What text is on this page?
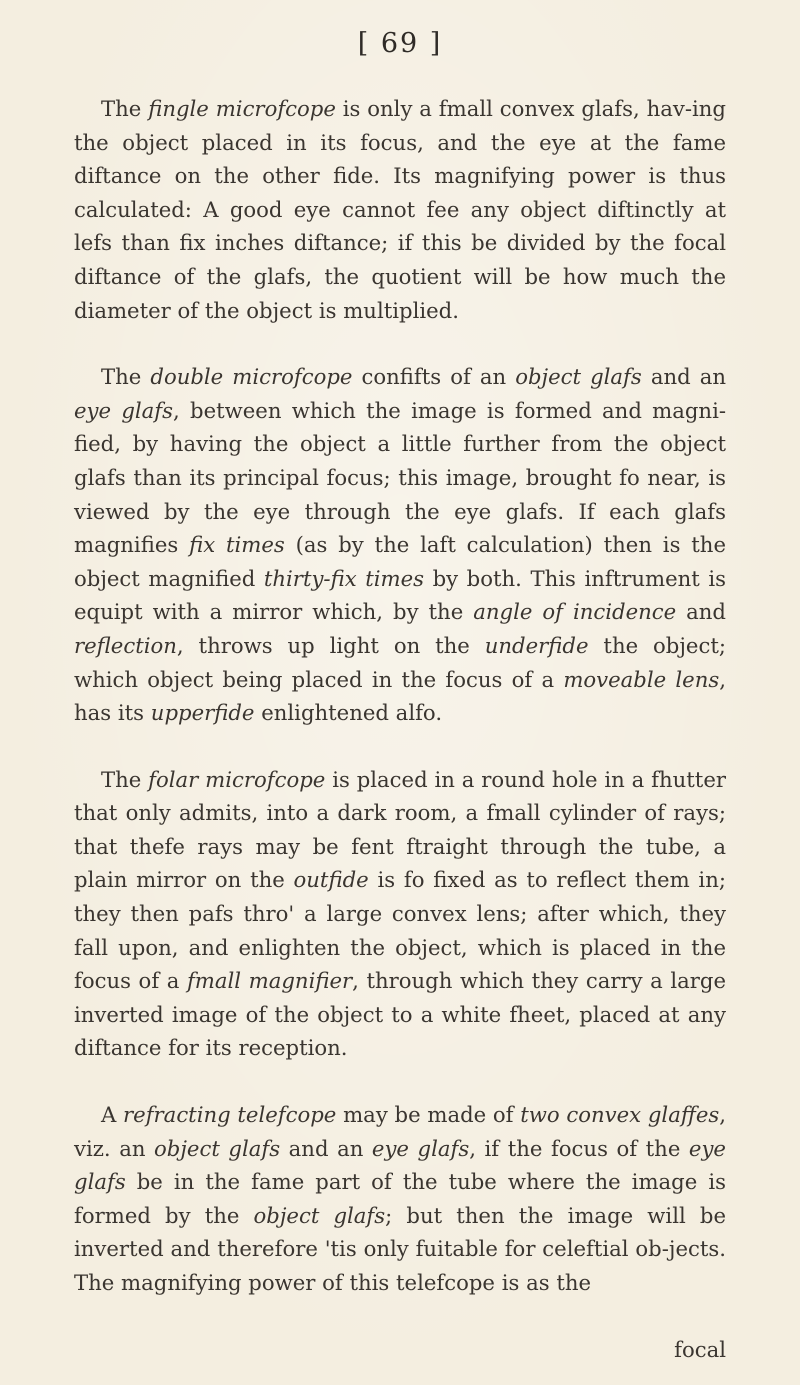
[ 69 ]

The fingle microfcope is only a fmall convex glafs, hav-ing the object placed in its focus, and the eye at the fame diftance on the other fide. Its magnifying power is thus calculated: A good eye cannot fee any object diftinctly at lefs than fix inches diftance; if this be divided by the focal diftance of the glafs, the quotient will be how much the diameter of the object is multiplied.

The double microfcope confifts of an object glafs and an eye glafs, between which the image is formed and magni-fied, by having the object a little further from the object glafs than its principal focus; this image, brought fo near, is viewed by the eye through the eye glafs. If each glafs magnifies fix times (as by the laft calculation) then is the object magnified thirty-fix times by both. This inftrument is equipt with a mirror which, by the angle of incidence and reflection, throws up light on the underfide the object; which object being placed in the focus of a moveable lens, has its upperfide enlightened alfo.

The folar microfcope is placed in a round hole in a fhutter that only admits, into a dark room, a fmall cylinder of rays; that thefe rays may be fent ftraight through the tube, a plain mirror on the outfide is fo fixed as to reflect them in; they then pafs thro' a large convex lens; after which, they fall upon, and enlighten the object, which is placed in the focus of a fmall magnifier, through which they carry a large inverted image of the object to a white fheet, placed at any diftance for its reception.

A refracting telefcope may be made of two convex glaffes, viz. an object glafs and an eye glafs, if the focus of the eye glafs be in the fame part of the tube where the image is formed by the object glafs; but then the image will be inverted and therefore 'tis only fuitable for celeftial ob-jects. The magnifying power of this telefcope is as the

focal
